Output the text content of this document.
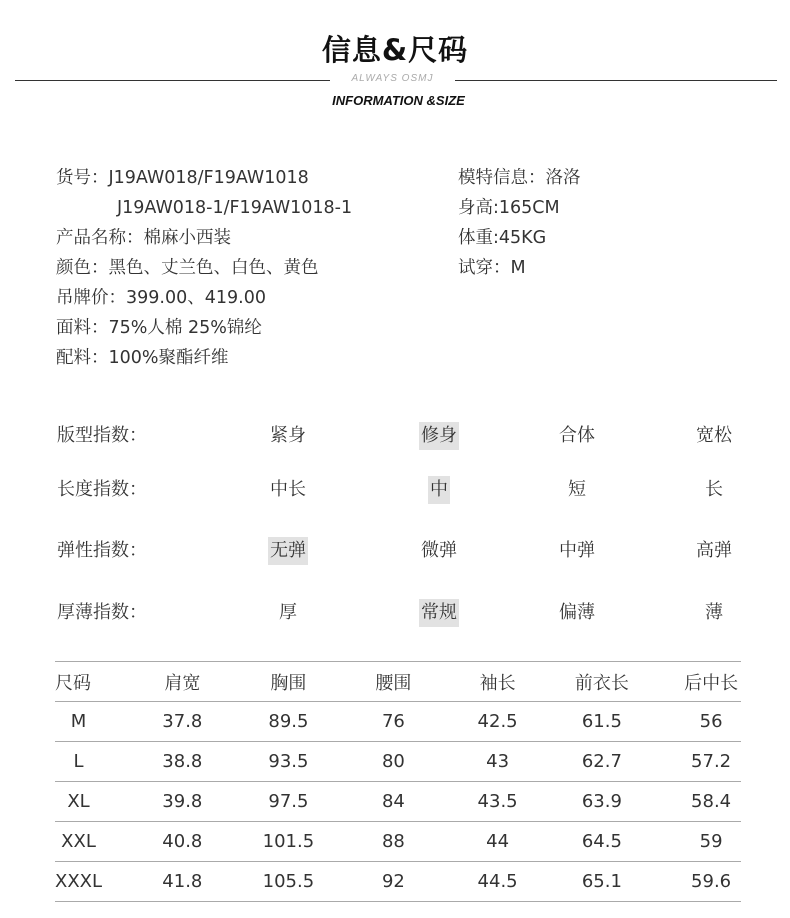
信息&尺码
ALWAYS OSMJ
INFORMATION &SIZE
货号：J19AW018/F19AW1018
J19AW018-1/F19AW1018-1
产品名称：棉麻小西装
颜色：黑色、丈兰色、白色、黄色
吊牌价：399.00、419.00
面料：75%人棉 25%锦纶
配料：100%聚酯纤维
模特信息：洛洛
身高:165CM
体重:45KG
试穿：M
版型指数：	紧身	修身	合体	宽松
长度指数：	中长	中	短	长
弹性指数：	无弹	微弹	中弹	高弹
厚薄指数：	厚	常规	偏薄	薄
尺码	肩宽	胸围	腰围	袖长	前衣长	后中长
M	37.8	89.5	76	42.5	61.5	56
L	38.8	93.5	80	43	62.7	57.2
XL	39.8	97.5	84	43.5	63.9	58.4
XXL	40.8	101.5	88	44	64.5	59
XXXL	41.8	105.5	92	44.5	65.1	59.6
